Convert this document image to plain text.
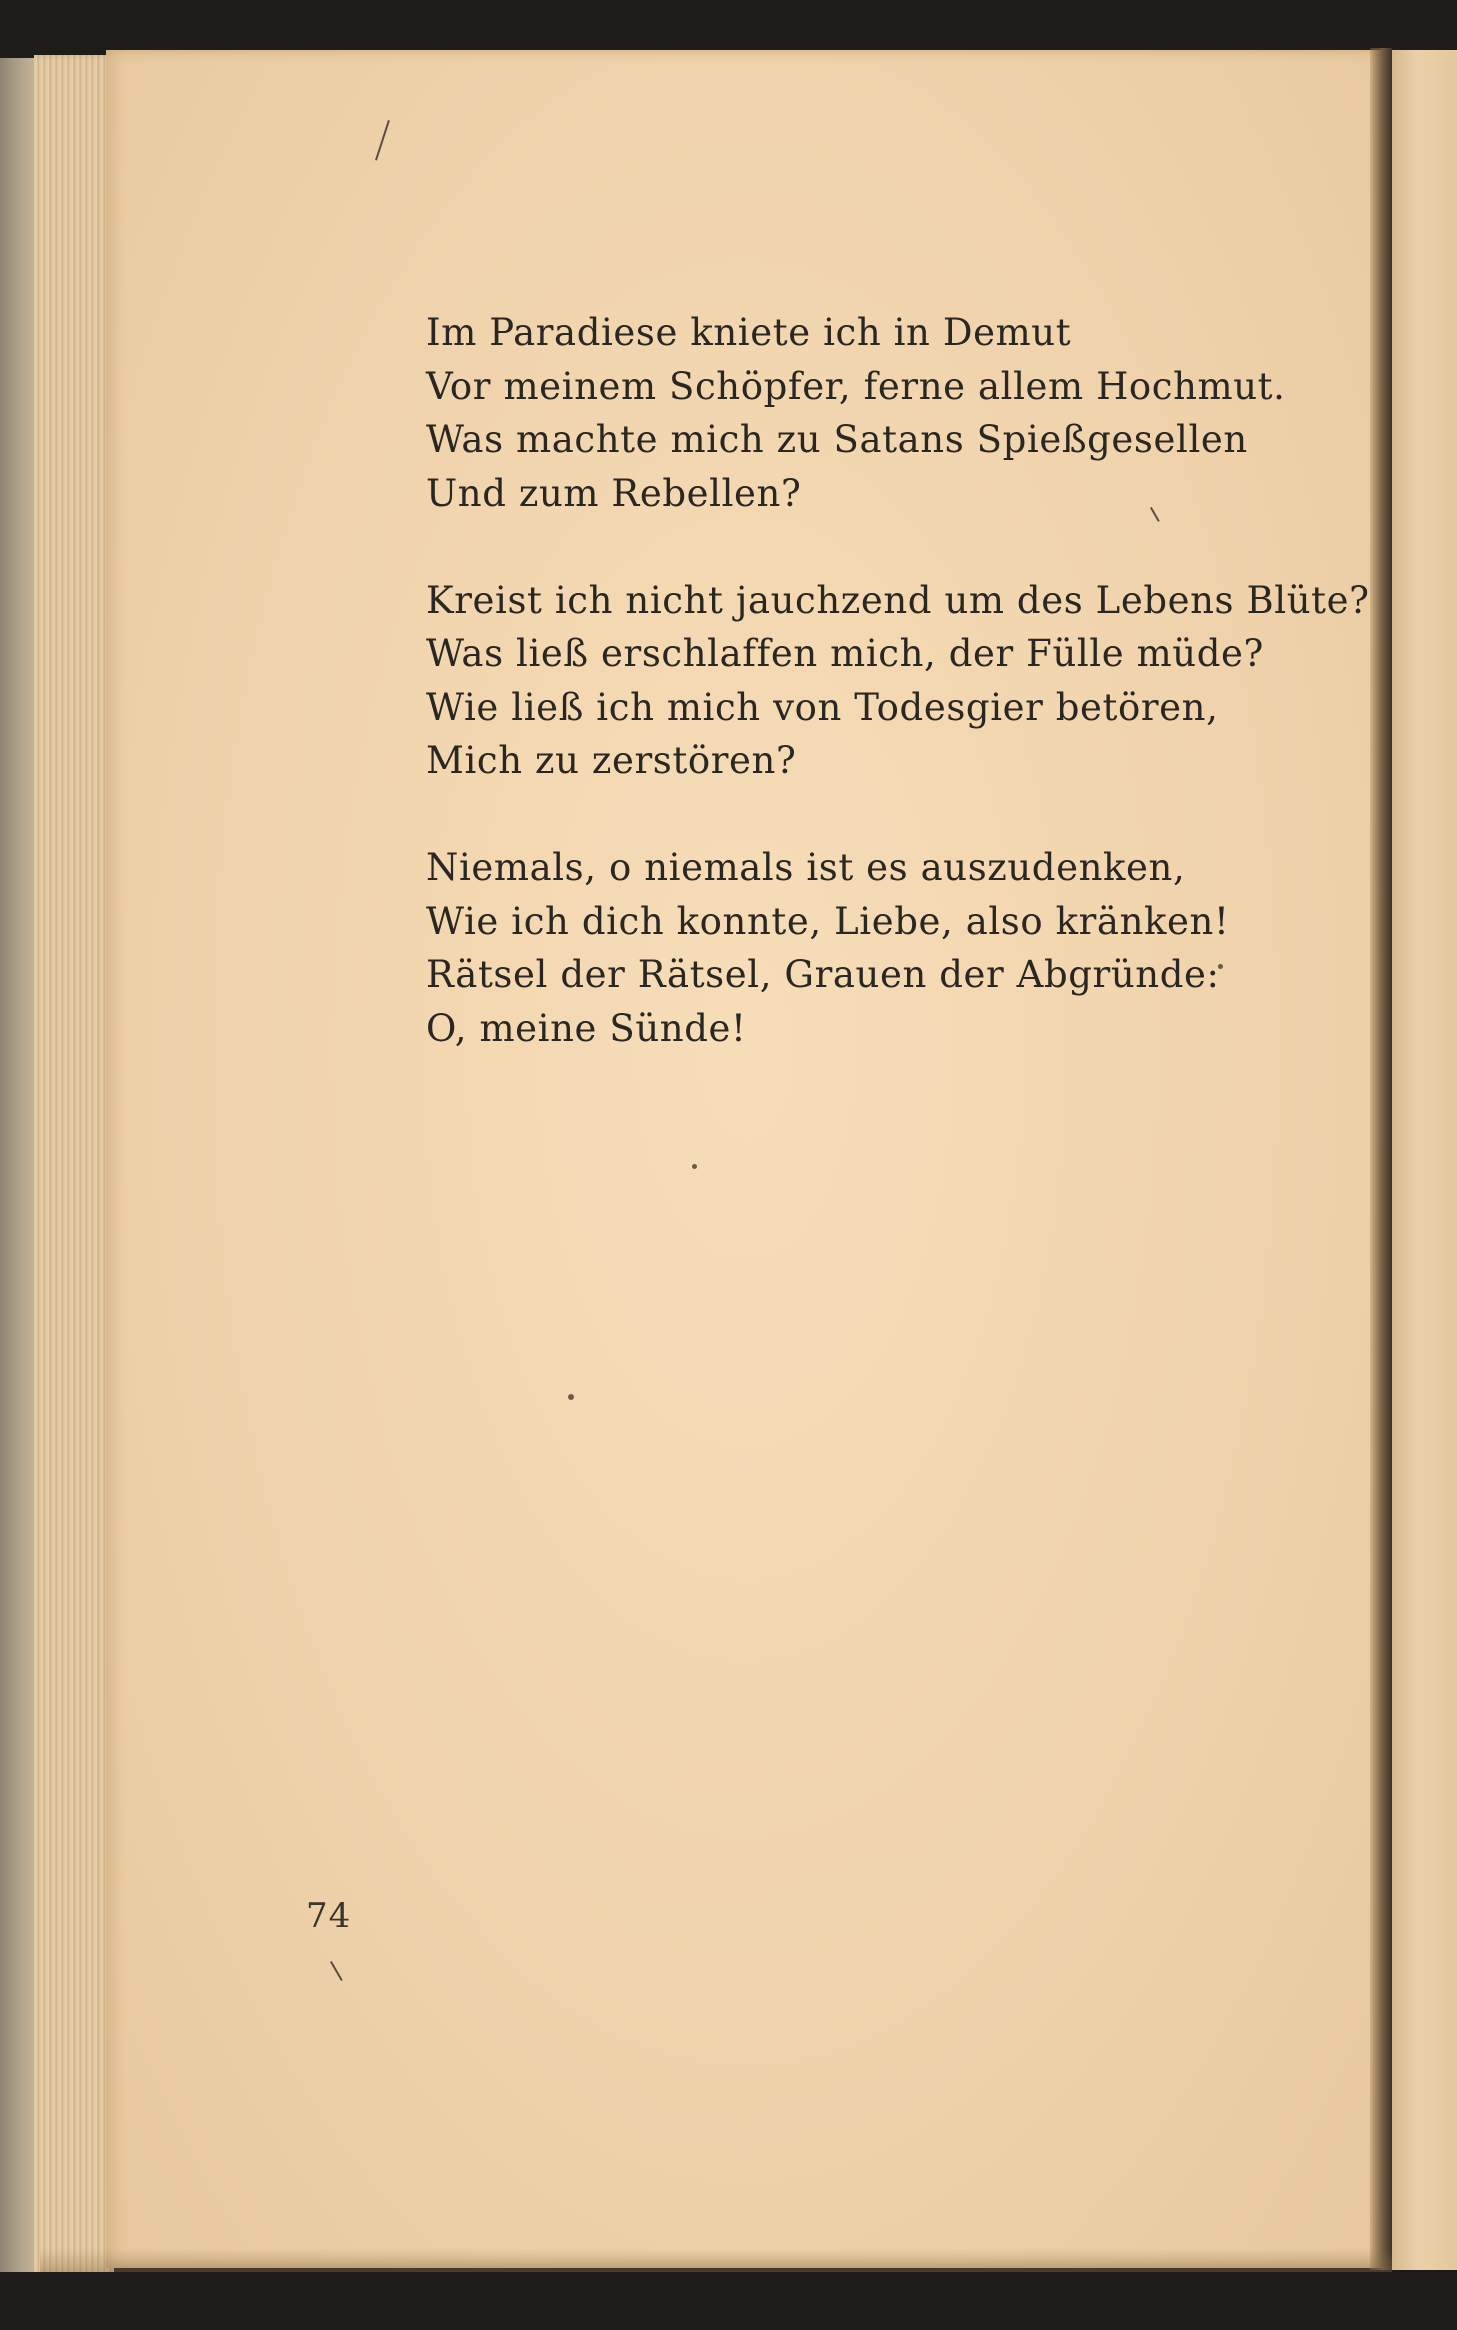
Im Paradiese kniete ich in Demut
Vor meinem Schöpfer, ferne allem Hochmut.
Was machte mich zu Satans Spießgesellen
Und zum Rebellen?
Kreist ich nicht jauchzend um des Lebens Blüte?
Was ließ erschlaffen mich, der Fülle müde?
Wie ließ ich mich von Todesgier betören,
Mich zu zerstören?
Niemals, o niemals ist es auszudenken,
Wie ich dich konnte, Liebe, also kränken!
Rätsel der Rätsel, Grauen der Abgründe:
O, meine Sünde!
74
